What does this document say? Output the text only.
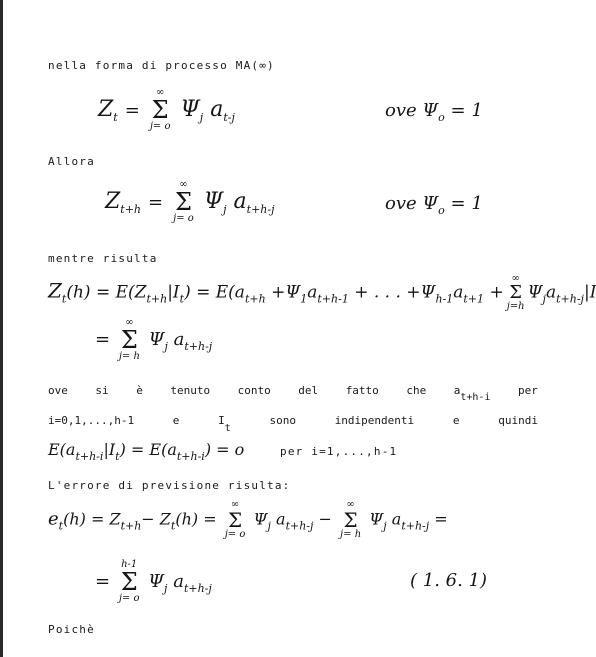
nella forma di processo MA(∞)
$Z_t$ =
∞
Σ
j= o
$\Psi_j$ $a_{t-j}$	ove $\Psi_o = 1$
Allora
$Z_{t+h}$ =
∞
Σ
j= o
$\Psi_j$ $a_{t+h-j}$	ove $\Psi_o = 1$
mentre risulta
$Z_t(h) = E(Z_{t+h}|I_t) = E(a_{t+h} +\Psi_1a_{t+h-1}$ + . . . $+\Psi_{h-1}a_{t+1}$ +
∞
Σ
j=h
$\Psi_ja_{t+h-j}|I$
=
∞
Σ
j= h
$\Psi_j$ $a_{t+h-j}$
ove	si	è	tenuto	conto	del	fatto	che	at+h-i
per
i=0,1,...,h-1	e	It
sono	indipendenti	e	quindi
$E(a_{t+h-i}|I_t) = E(a_{t+h-i}) = o$	per i=1,...,h-1
L'errore di previsione risulta:
$e_t(h) = Z_{t+h}- Z_t(h)$ =
∞
Σ
j= o
$\Psi_j$ $a_{t+h-j}$ −
∞
Σ
j= h
$\Psi_j$ $a_{t+h-j}$ =
=
h-1
Σ
j= o
$\Psi_j$ $a_{t+h-j}$	( 1. 6. 1)
Poichè
